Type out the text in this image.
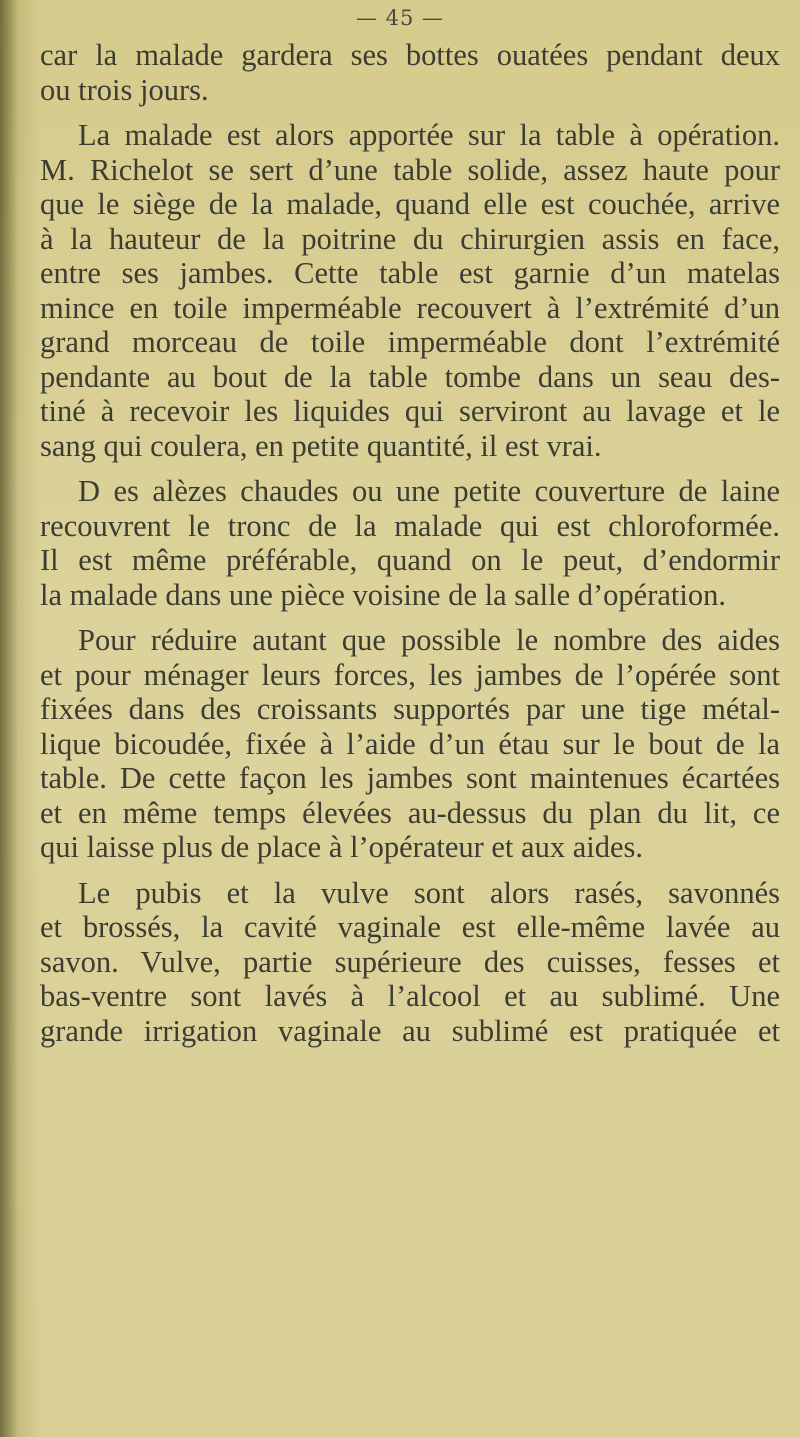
— 45 —
car la malade gardera ses bottes ouatées pendant deux
ou trois jours.
La malade est alors apportée sur la table à opération.
M. Richelot se sert d’une table solide, assez haute pour
que le siège de la malade, quand elle est couchée, arrive
à la hauteur de la poitrine du chirurgien assis en face,
entre ses jambes. Cette table est garnie d’un matelas
mince en toile imperméable recouvert à l’extrémité d’un
grand morceau de toile imperméable dont l’extrémité
pendante au bout de la table tombe dans un seau des-
tiné à recevoir les liquides qui serviront au lavage et le
sang qui coulera, en petite quantité, il est vrai.
D es alèzes chaudes ou une petite couverture de laine
recouvrent le tronc de la malade qui est chloroformée.
Il est même préférable, quand on le peut, d’endormir
la malade dans une pièce voisine de la salle d’opération.
Pour réduire autant que possible le nombre des aides
et pour ménager leurs forces, les jambes de l’opérée sont
fixées dans des croissants supportés par une tige métal-
lique bicoudée, fixée à l’aide d’un étau sur le bout de la
table. De cette façon les jambes sont maintenues écartées
et en même temps élevées au-dessus du plan du lit, ce
qui laisse plus de place à l’opérateur et aux aides.
Le pubis et la vulve sont alors rasés, savonnés
et brossés, la cavité vaginale est elle-même lavée au
savon. Vulve, partie supérieure des cuisses, fesses et
bas-ventre sont lavés à l’alcool et au sublimé. Une
grande irrigation vaginale au sublimé est pratiquée et
